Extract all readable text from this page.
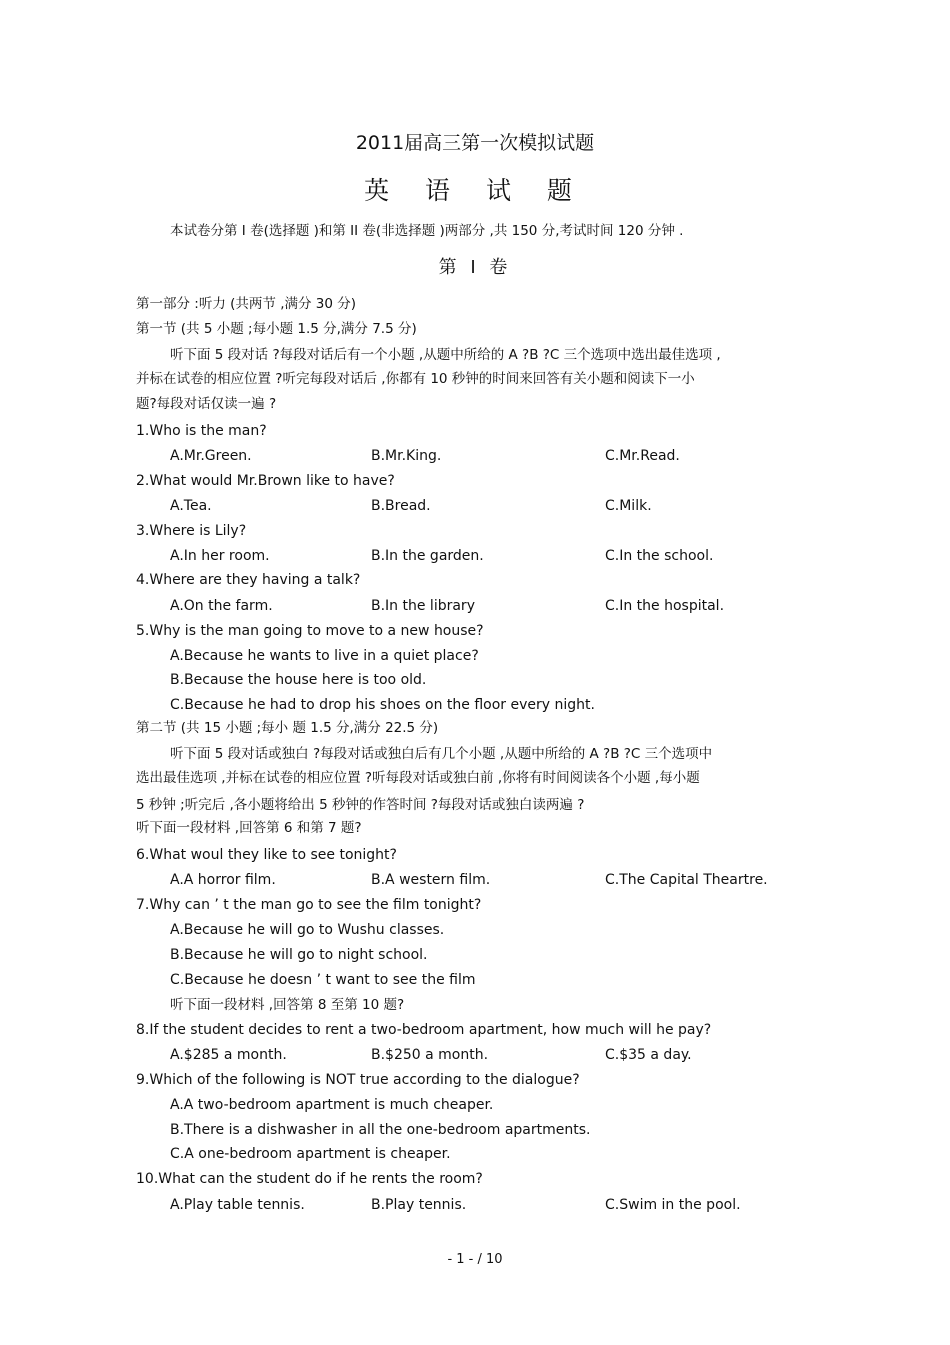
2011届高三第一次模拟试题
英 语 试 题
本试卷分第 I 卷(选择题 )和第 II 卷(非选择题 )两部分 ,共 150 分,考试时间 120 分钟 .
第 I 卷
第一部分 :听力 (共两节 ,满分 30 分)
第一节 (共 5 小题 ;每小题 1.5 分,满分 7.5 分)
听下面 5 段对话 ?每段对话后有一个小题 ,从题中所给的 A ?B ?C 三个选项中选出最佳选项 ,
并标在试卷的相应位置 ?听完每段对话后 ,你都有 10 秒钟的时间来回答有关小题和阅读下一小
题?每段对话仅读一遍 ?
1.Who is the man?
A.Mr.Green.	B.Mr.King.	C.Mr.Read.
2.What would Mr.Brown like to have?
A.Tea.	B.Bread.	C.Milk.
3.Where is Lily?
A.In her room.	B.In the garden.	C.In the school.
4.Where are they having a talk?
A.On the farm.	B.In the library	C.In the hospital.
5.Why is the man going to move to a new house?
A.Because he wants to live in a quiet place?
B.Because the house here is too old.
C.Because he had to drop his shoes on the floor every night.
第二节 (共 15 小题 ;每小 题 1.5 分,满分 22.5 分)
听下面 5 段对话或独白 ?每段对话或独白后有几个小题 ,从题中所给的 A ?B ?C 三个选项中
选出最佳选项 ,并标在试卷的相应位置 ?听每段对话或独白前 ,你将有时间阅读各个小题 ,每小题
5 秒钟 ;听完后 ,各小题将给出 5 秒钟的作答时间 ?每段对话或独白读两遍 ?
听下面一段材料 ,回答第 6 和第 7 题?
6.What woul they like to see tonight?
A.A horror film.	B.A western film.	C.The Capital Theartre.
7.Why can ’ t the man go to see the film tonight?
A.Because he will go to Wushu classes.
B.Because he will go to night school.
C.Because he doesn ’ t want to see the film
听下面一段材料 ,回答第 8 至第 10 题?
8.If the student decides to rent a two-bedroom apartment, how much will he pay?
A.$285 a month.	B.$250 a month.	C.$35 a day.
9.Which of the following is NOT true according to the dialogue?
A.A two-bedroom apartment is much cheaper.
B.There is a dishwasher in all the one-bedroom apartments.
C.A one-bedroom apartment is cheaper.
10.What can the student do if he rents the room?
A.Play table tennis.	B.Play tennis.	C.Swim in the pool.
- 1 - / 10
